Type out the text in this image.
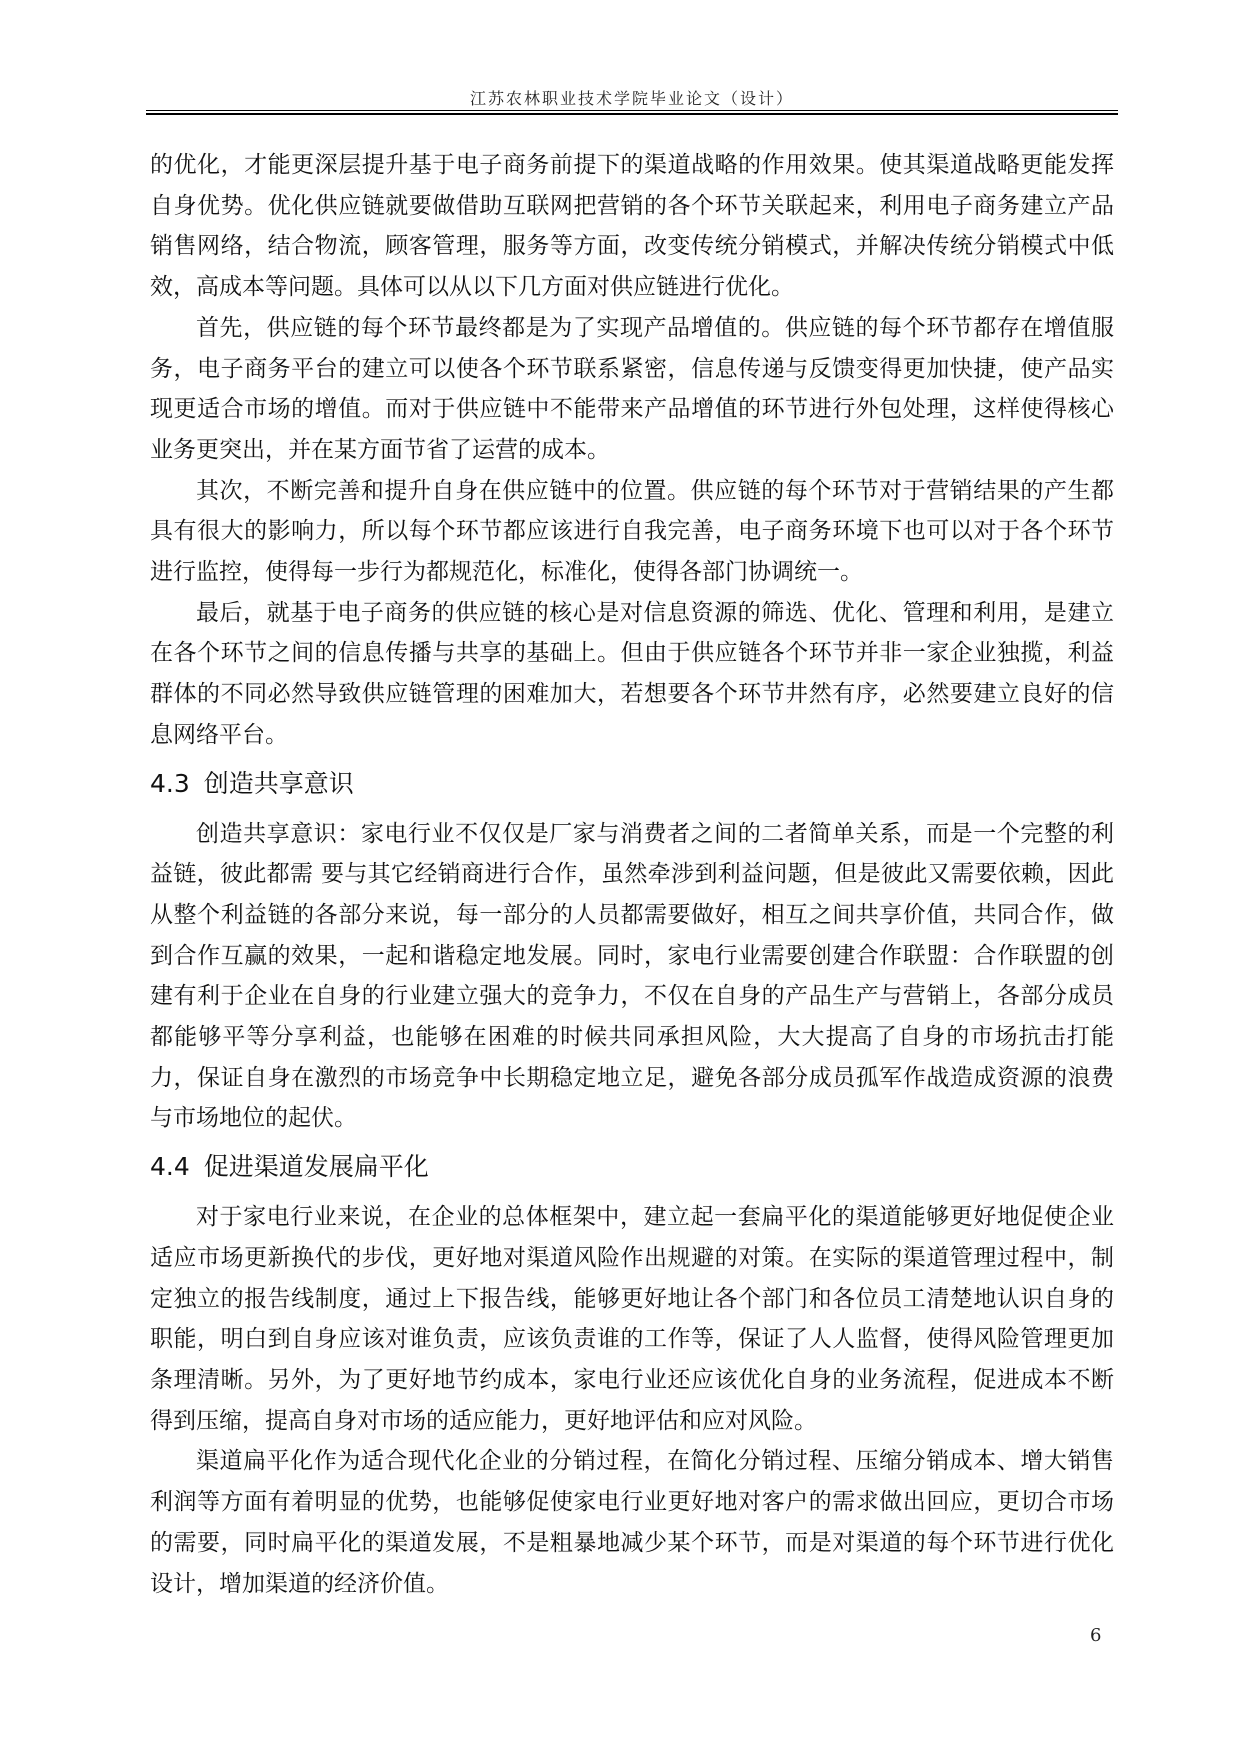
江苏农林职业技术学院毕业论文（设计）

的优化，才能更深层提升基于电子商务前提下的渠道战略的作用效果。使其渠道战略更能发挥自身优势。优化供应链就要做借助互联网把营销的各个环节关联起来，利用电子商务建立产品销售网络，结合物流，顾客管理，服务等方面，改变传统分销模式，并解决传统分销模式中低效，高成本等问题。具体可以从以下几方面对供应链进行优化。

首先，供应链的每个环节最终都是为了实现产品增值的。供应链的每个环节都存在增值服务，电子商务平台的建立可以使各个环节联系紧密，信息传递与反馈变得更加快捷，使产品实现更适合市场的增值。而对于供应链中不能带来产品增值的环节进行外包处理，这样使得核心业务更突出，并在某方面节省了运营的成本。

其次，不断完善和提升自身在供应链中的位置。供应链的每个环节对于营销结果的产生都具有很大的影响力，所以每个环节都应该进行自我完善，电子商务环境下也可以对于各个环节进行监控，使得每一步行为都规范化，标准化，使得各部门协调统一。

最后，就基于电子商务的供应链的核心是对信息资源的筛选、优化、管理和利用，是建立在各个环节之间的信息传播与共享的基础上。但由于供应链各个环节并非一家企业独揽，利益群体的不同必然导致供应链管理的困难加大，若想要各个环节井然有序，必然要建立良好的信息网络平台。

4.3 创造共享意识

创造共享意识：家电行业不仅仅是厂家与消费者之间的二者简单关系，而是一个完整的利益链，彼此都需 要与其它经销商进行合作，虽然牵涉到利益问题，但是彼此又需要依赖，因此从整个利益链的各部分来说，每一部分的人员都需要做好，相互之间共享价值，共同合作，做到合作互赢的效果，一起和谐稳定地发展。同时，家电行业需要创建合作联盟：合作联盟的创建有利于企业在自身的行业建立强大的竞争力，不仅在自身的产品生产与营销上，各部分成员都能够平等分享利益，也能够在困难的时候共同承担风险，大大提高了自身的市场抗击打能力，保证自身在激烈的市场竞争中长期稳定地立足，避免各部分成员孤军作战造成资源的浪费与市场地位的起伏。

4.4 促进渠道发展扁平化

对于家电行业来说，在企业的总体框架中，建立起一套扁平化的渠道能够更好地促使企业适应市场更新换代的步伐，更好地对渠道风险作出规避的对策。在实际的渠道管理过程中，制定独立的报告线制度，通过上下报告线，能够更好地让各个部门和各位员工清楚地认识自身的职能，明白到自身应该对谁负责，应该负责谁的工作等，保证了人人监督，使得风险管理更加条理清晰。另外，为了更好地节约成本，家电行业还应该优化自身的业务流程，促进成本不断得到压缩，提高自身对市场的适应能力，更好地评估和应对风险。

渠道扁平化作为适合现代化企业的分销过程，在简化分销过程、压缩分销成本、增大销售利润等方面有着明显的优势，也能够促使家电行业更好地对客户的需求做出回应，更切合市场的需要，同时扁平化的渠道发展，不是粗暴地减少某个环节，而是对渠道的每个环节进行优化设计，增加渠道的经济价值。

6
